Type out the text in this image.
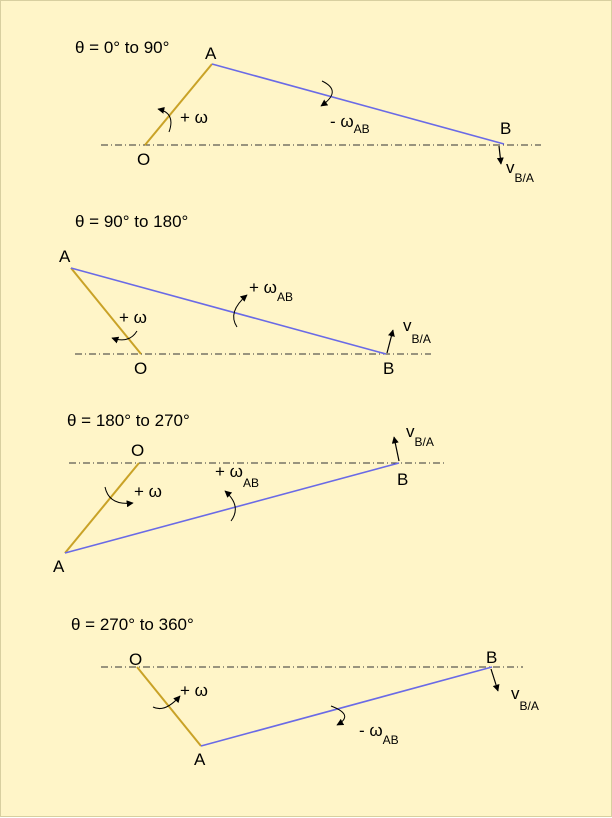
θ = 0° to 90°
O
A
B
+ ω	- $\omega_{AB}$
$v_{B/A}$
θ = 90° to 180°
O
A
B
+ ω
+ $\omega_{AB}$
$v_{B/A}$
θ = 180° to 270°
O
A
B
+ ω
+ $\omega_{AB}$
$v_{B/A}$
θ = 270° to 360°
O
A
B
+ ω
- $\omega_{AB}$
$v_{B/A}$
